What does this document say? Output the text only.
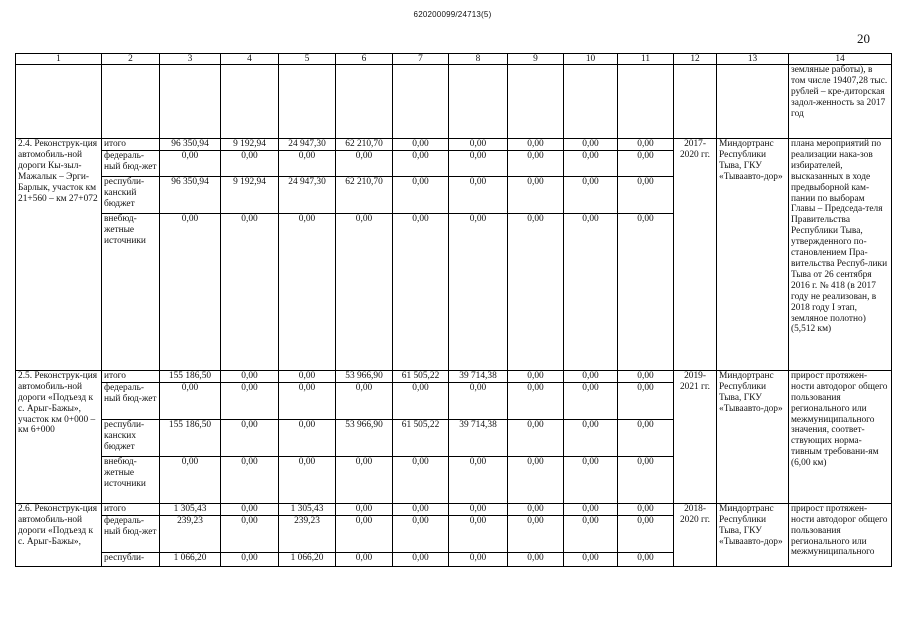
620200099/24713(5)
20
1	2	3	4	5	6	7	8	9	10	11	12	13	14
													земляные работы), в том числе 19407,28 тыс. рублей – кре-диторская задол-женность за 2017 год
2.4. Реконструк-ция автомобиль-ной дороги Кы-зыл-Мажалык – Эрги-Барлык, участок км 21+560 – км 27+072	итого	96 350,94	9 192,94	24 947,30	62 210,70	0,00	0,00	0,00	0,00	0,00	2017-2020 гг.	Миндортранс Республики Тыва, ГКУ «Тываавто-дор»	плана мероприятий по реализации нака-зов избирателей, высказанных в ходе предвыборной кам-пании по выборам Главы – Председа-теля Правительства Республики Тыва, утвержденного по-становлением Пра-вительства Респуб-лики Тыва от 26 сентября 2016 г. № 418 (в 2017 году не реализован, в 2018 году I этап, земляное полотно) (5,512 км)
	федераль-ный бюд-жет	0,00	0,00	0,00	0,00	0,00	0,00	0,00	0,00	0,00			
	республи-канский бюджет	96 350,94	9 192,94	24 947,30	62 210,70	0,00	0,00	0,00	0,00	0,00			
	внебюд-жетные источники	0,00	0,00	0,00	0,00	0,00	0,00	0,00	0,00	0,00			
2.5. Реконструк-ция автомобиль-ной дороги «Подъезд к с. Арыг-Бажы», участок км 0+000 – км 6+000	итого	155 186,50	0,00	0,00	53 966,90	61 505,22	39 714,38	0,00	0,00	0,00	2019-2021 гг.	Миндортранс Республики Тыва, ГКУ «Тываавто-дор»	прирост протяжен-ности автодорог общего пользования регионального или межмуниципального значения, соответ-ствующих норма-тивным требовани-ям (6,00 км)
	федераль-ный бюд-жет	0,00	0,00	0,00	0,00	0,00	0,00	0,00	0,00	0,00			
	республи-канских бюджет	155 186,50	0,00	0,00	53 966,90	61 505,22	39 714,38	0,00	0,00	0,00			
	внебюд-жетные источники	0,00	0,00	0,00	0,00	0,00	0,00	0,00	0,00	0,00			
2.6. Реконструк-ция автомобиль-ной дороги «Подъезд к с. Арыг-Бажы»,	итого	1 305,43	0,00	1 305,43	0,00	0,00	0,00	0,00	0,00	0,00	2018-2020 гг.	Миндортранс Республики Тыва, ГКУ «Тываавто-дор»	прирост протяжен-ности автодорог общего пользования регионального или межмуниципального
	федераль-ный бюд-жет	239,23	0,00	239,23	0,00	0,00	0,00	0,00	0,00	0,00			
	республи-	1 066,20	0,00	1 066,20	0,00	0,00	0,00	0,00	0,00	0,00			
